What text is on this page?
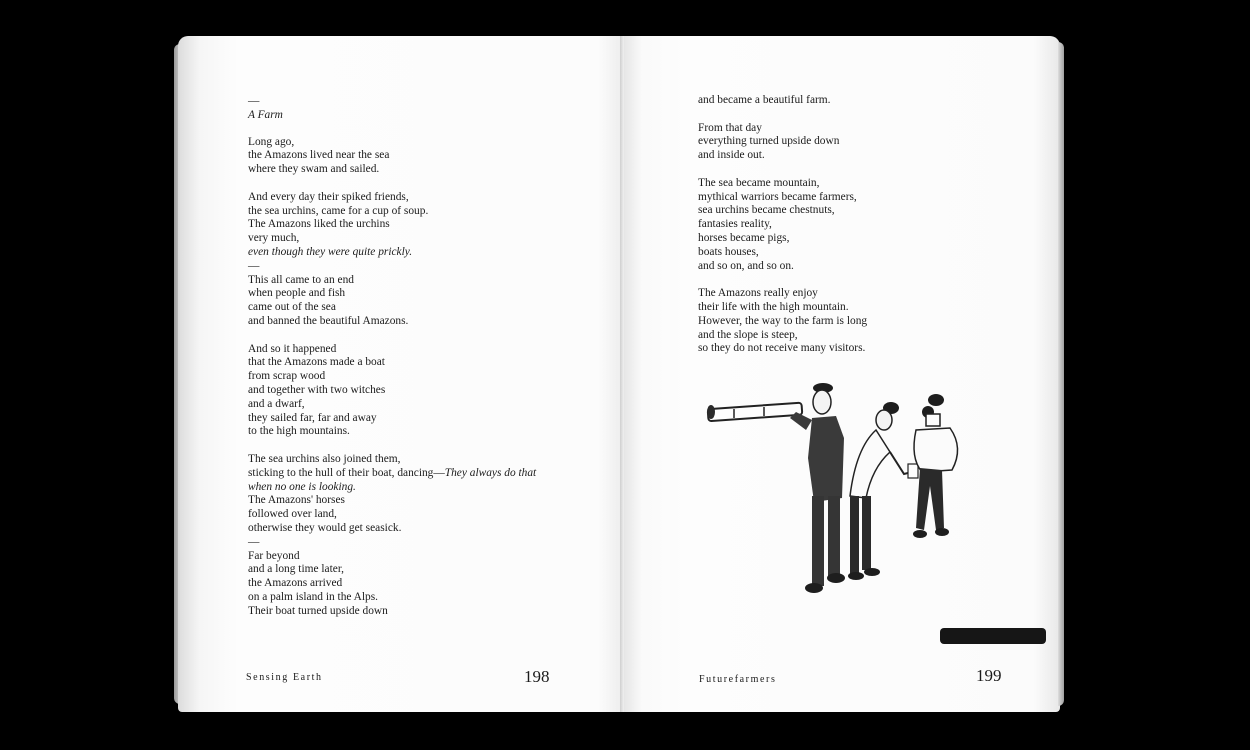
—
A Farm
Long ago,
the Amazons lived near the sea
where they swam and sailed.
And every day their spiked friends,
the sea urchins, came for a cup of soup.
The Amazons liked the urchins
very much,
even though they were quite prickly.
—
This all came to an end
when people and fish
came out of the sea
and banned the beautiful Amazons.
And so it happened
that the Amazons made a boat
from scrap wood
and together with two witches
and a dwarf,
they sailed far, far and away
to the high mountains.
The sea urchins also joined them,
sticking to the hull of their boat, dancing—They always do that
when no one is looking.
The Amazons' horses
followed over land,
otherwise they would get seasick.
—
Far beyond
and a long time later,
the Amazons arrived
on a palm island in the Alps.
Their boat turned upside down
Sensing Earth	198
and became a beautiful farm.
From that day
everything turned upside down
and inside out.
The sea became mountain,
mythical warriors became farmers,
sea urchins became chestnuts,
fantasies reality,
horses became pigs,
boats houses,
and so on, and so on.
The Amazons really enjoy
their life with the high mountain.
However, the way to the farm is long
and the slope is steep,
so they do not receive many visitors.
Futurefarmers	199
